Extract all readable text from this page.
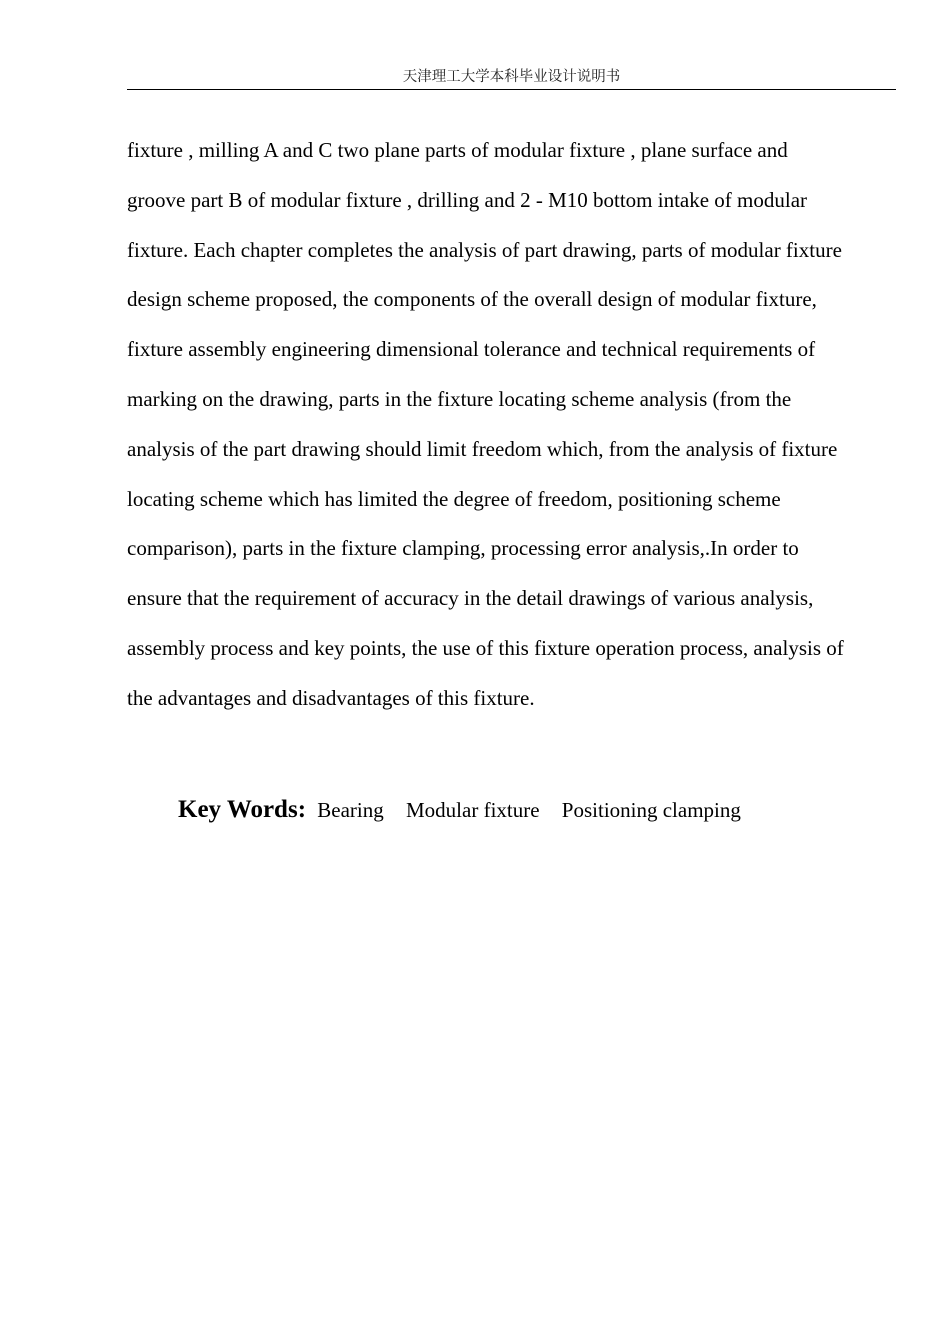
天津理工大学本科毕业设计说明书
fixture , milling A and C two plane parts of modular fixture , plane surface and
groove part B of modular fixture , drilling and 2 - M10 bottom intake of modular
fixture. Each chapter completes the analysis of part drawing, parts of modular fixture
design scheme proposed, the components of the overall design of modular fixture,
fixture assembly engineering dimensional tolerance and technical requirements of
marking on the drawing, parts in the fixture locating scheme analysis (from the
analysis of the part drawing should limit freedom which, from the analysis of fixture
locating scheme which has limited the degree of freedom, positioning scheme
comparison), parts in the fixture clamping, processing error analysis,.In order to
ensure that the requirement of accuracy in the detail drawings of various analysis,
assembly process and key points, the use of this fixture operation process, analysis of
the advantages and disadvantages of this fixture.
Key Words: Bearing Modular fixture Positioning clamping
